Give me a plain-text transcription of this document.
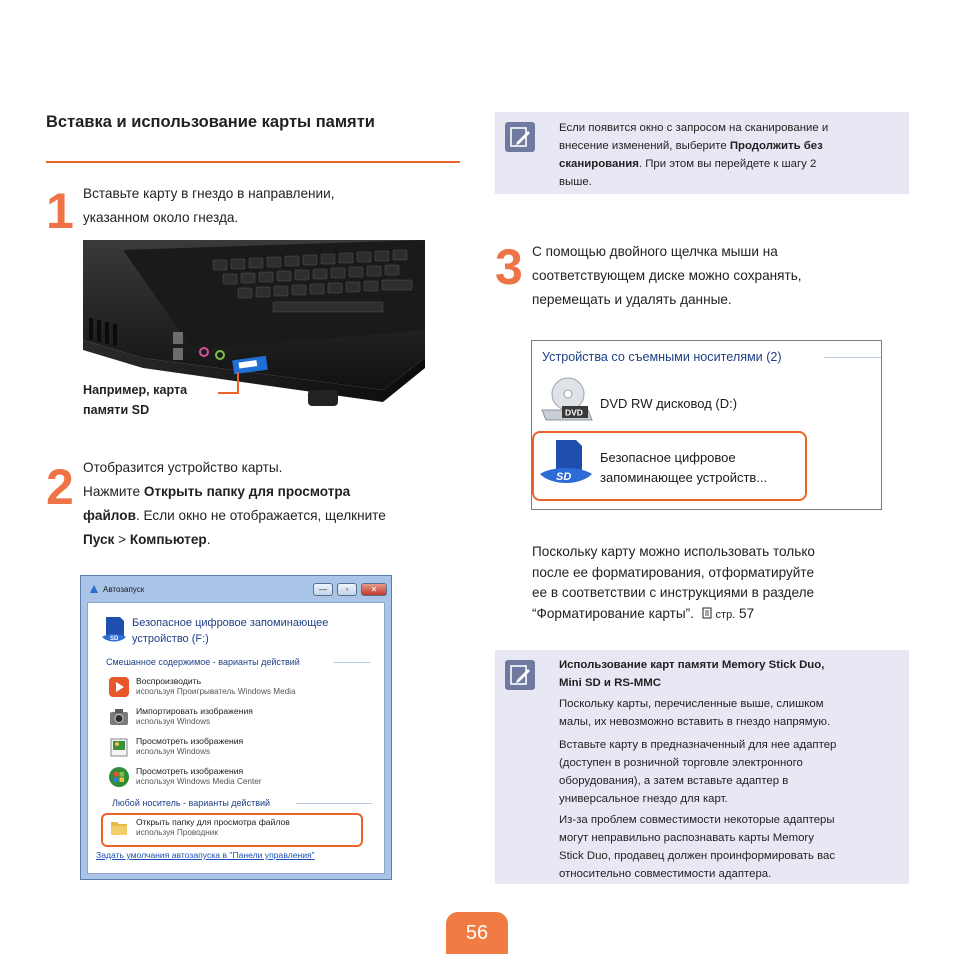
Вставка и использование карты памяти
1 Вставьте карту в гнездо в направлении,
указанном около гнезда.
Например, карта
памяти SD
2 Отобразится устройство карты.
Нажмите Открыть папку для просмотра
файлов. Если окно не отображается, щелкните
Пуск > Компьютер.
Автозапуск	—	▫	✕
SD
Безопасное цифровое запоминающее
устройство (F:)
Смешанное содержимое - варианты действий
Воспроизводить
используя Проигрыватель Windows Media
Импортировать изображения
используя Windows
Просмотреть изображения
используя Windows
Просмотреть изображения
используя Windows Media Center
Любой носитель - варианты действий
Открыть папку для просмотра файлов
используя Проводник
Задать умолчания автозапуска в "Панели управления"
Если появится окно с запросом на сканирование и
внесение изменений, выберите Продолжить без
сканирования. При этом вы перейдете к шагу 2
выше.
3 С помощью двойного щелчка мыши на
соответствующем диске можно сохранять,
перемещать и удалять данные.
Устройства со съемными носителями (2)
DVD
DVD RW дисковод (D:)
SD
Безопасное цифровое
запоминающее устройств...
Поскольку карту можно использовать только
после ее форматирования, отформатируйте
ее в соответствии с инструкциями в разделе
“Форматирование карты”. стр. 57
Использование карт памяти Memory Stick Duo,
Mini SD и RS-MMC
Поскольку карты, перечисленные выше, слишком
малы, их невозможно вставить в гнездо напрямую.
Вставьте карту в предназначенный для нее адаптер
(доступен в розничной торговле электронного
оборудования), а затем вставьте адаптер в
универсальное гнездо для карт.
Из-за проблем совместимости некоторые адаптеры
могут неправильно распознавать карты Memory
Stick Duo, продавец должен проинформировать вас
относительно совместимости адаптера.
56
